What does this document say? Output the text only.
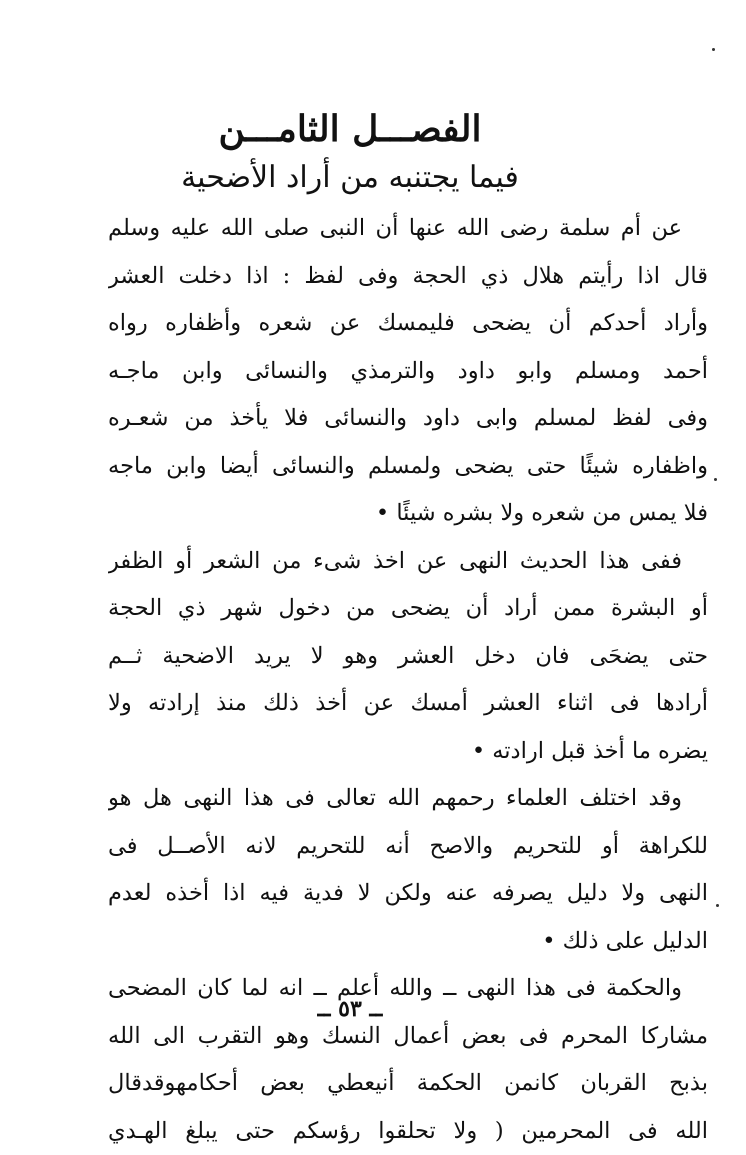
الفصـــل الثامـــن
فيما يجتنبه من أراد الأضحية
عن أم سلمة رضى الله عنها أن النبى صلى الله عليه وسلم
قال اذا رأيتم هلال ذي الحجة وفى لفظ : اذا دخلت العشر
وأراد أحدكم أن يضحى فليمسك عن شعره وأظفاره رواه
أحمد ومسلم وابو داود والترمذي والنسائى وابن ماجـه
وفى لفظ لمسلم وابى داود والنسائى فلا يأخذ من شعـره
واظفاره شيئًا حتى يضحى ولمسلم والنسائى أيضا وابن ماجه
فلا يمس من شعره ولا بشره شيئًا •
ففى هذا الحديث النهى عن اخذ شىء من الشعر أو الظفر
أو البشرة ممن أراد أن يضحى من دخول شهر ذي الحجة
حتى يضحَى فان دخل العشر وهو لا يريد الاضحية ثــم
أرادها فى اثناء العشر أمسك عن أخذ ذلك منذ إرادته ولا
يضره ما أخذ قبل ارادته •
وقد اختلف العلماء رحمهم الله تعالى فى هذا النهى هل هو
للكراهة أو للتحريم والاصح أنه للتحريم لانه الأصــل فى
النهى ولا دليل يصرفه عنه ولكن لا فدية فيه اذا أخذه لعدم
الدليل على ذلك •
والحكمة فى هذا النهى ــ والله أعلم ــ انه لما كان المضحى
مشاركا المحرم فى بعض أعمال النسك وهو التقرب الى الله
بذبح القربان كانمن الحكمة أنيعطي بعض أحكامهوقدقال
الله فى المحرمين ( ولا تحلقوا رؤسكم حتى يبلغ الهـدي
ــ ٥٣ ــ
